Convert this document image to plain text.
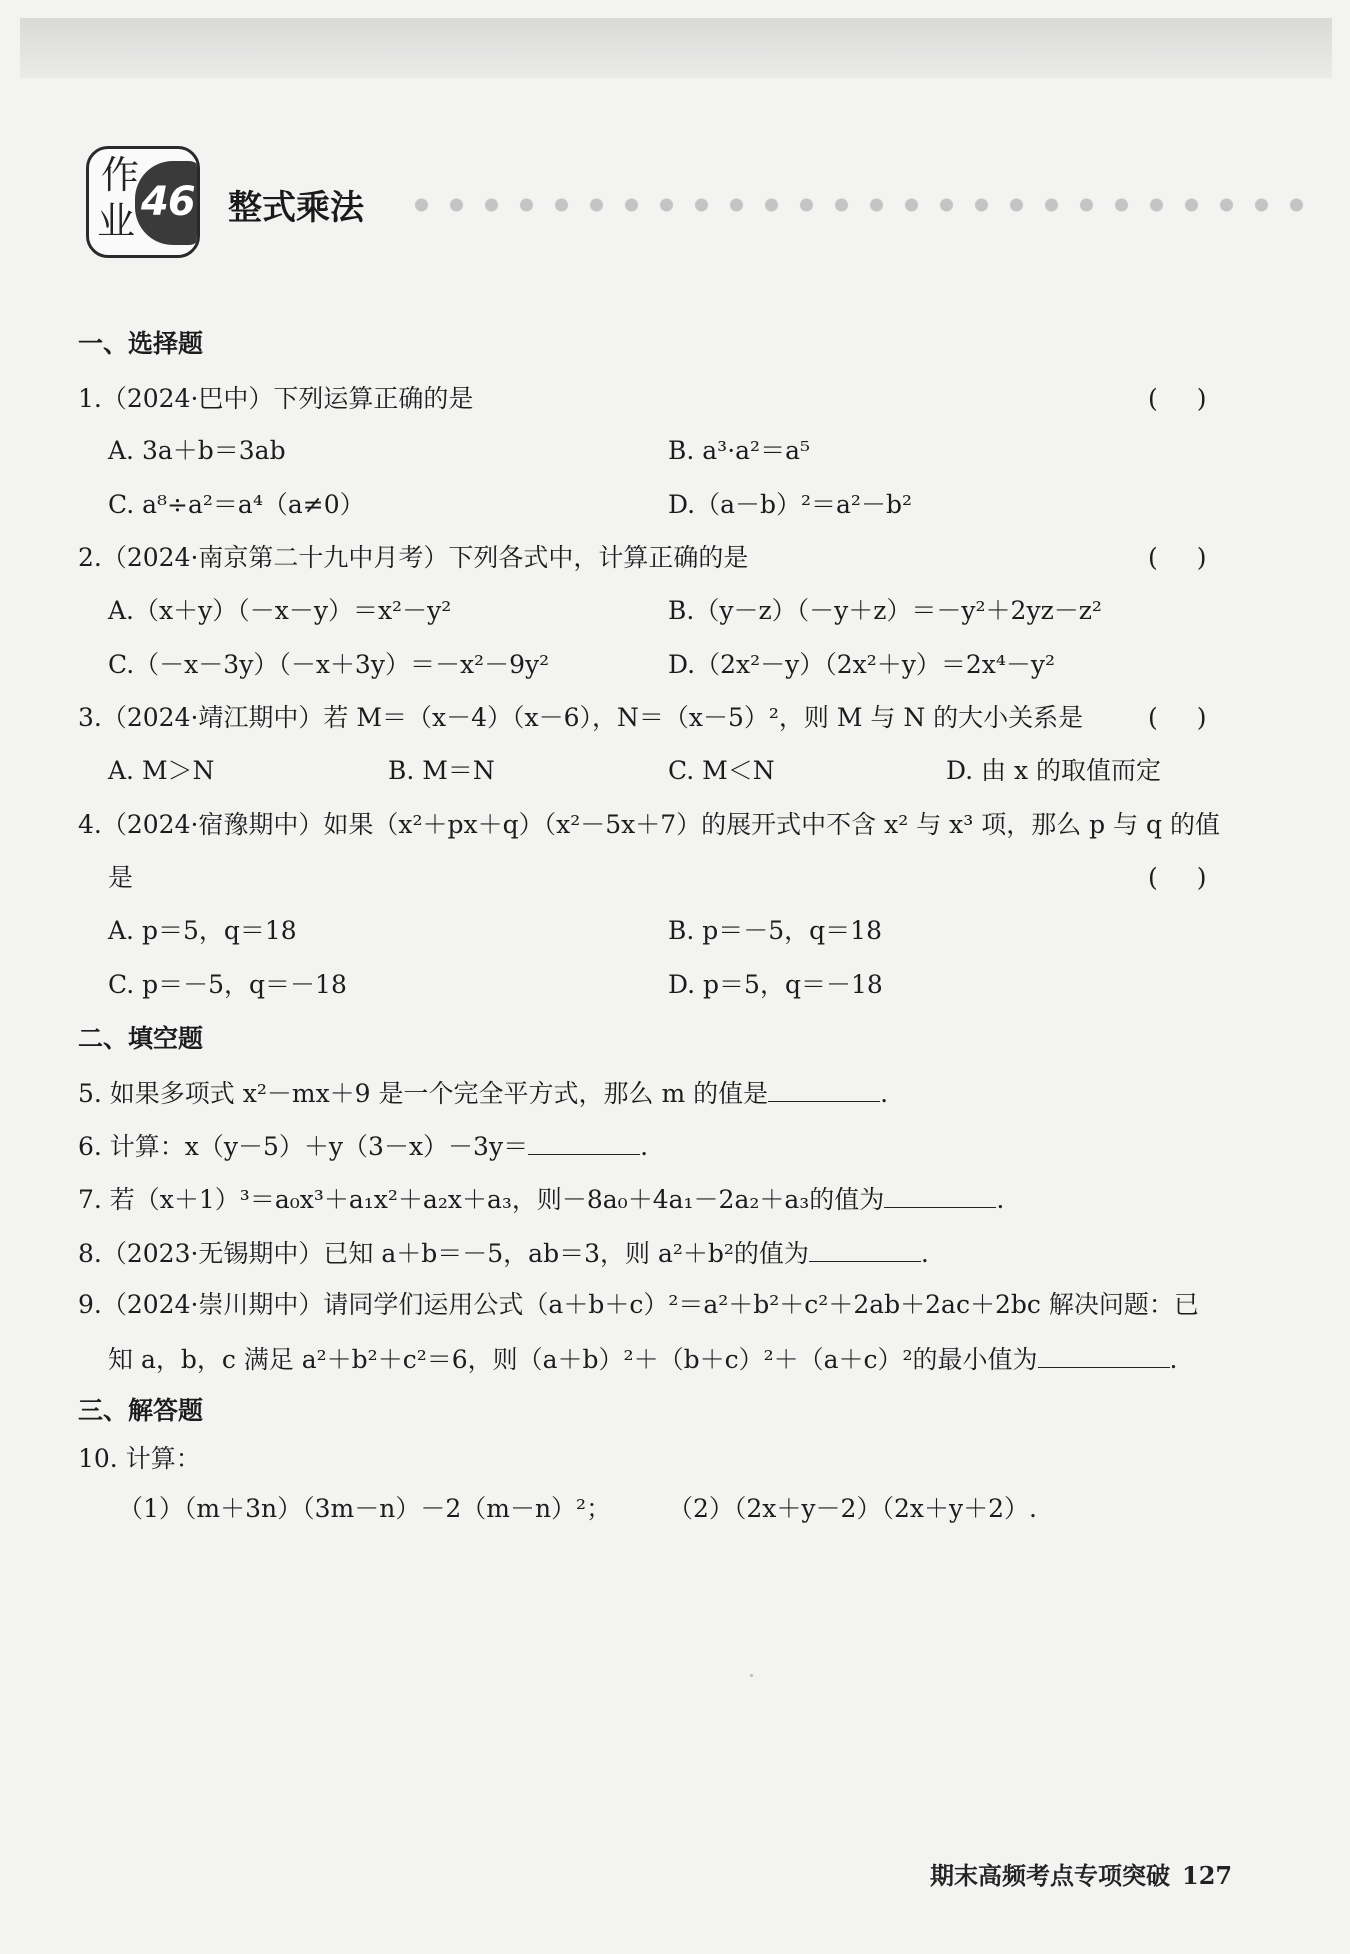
作
业 46 整式乘法
一、选择题
1.（2024·巴中）下列运算正确的是	(　 )
A. 3a＋b＝3ab	B. a³·a²＝a⁵
C. a⁸÷a²＝a⁴（a≠0）	D.（a－b）²＝a²－b²
2.（2024·南京第二十九中月考）下列各式中，计算正确的是	(　 )
A.（x＋y）（－x－y）＝x²－y²	B.（y－z）（－y＋z）＝－y²＋2yz－z²
C.（－x－3y）（－x＋3y）＝－x²－9y²	D.（2x²－y）（2x²＋y）＝2x⁴－y²
3.（2024·靖江期中）若 M＝（x－4）（x－6），N＝（x－5）²，则 M 与 N 的大小关系是	(　 )
A. M＞N	B. M＝N	C. M＜N	D. 由 x 的取值而定
4.（2024·宿豫期中）如果（x²＋px＋q）（x²－5x＋7）的展开式中不含 x² 与 x³ 项，那么 p 与 q 的值
是	(　 )
A. p＝5，q＝18	B. p＝－5，q＝18
C. p＝－5，q＝－18	D. p＝5，q＝－18
二、填空题
5. 如果多项式 x²－mx＋9 是一个完全平方式，那么 m 的值是	.
6. 计算：x（y－5）＋y（3－x）－3y＝	.
7. 若（x＋1）³＝a₀x³＋a₁x²＋a₂x＋a₃，则－8a₀＋4a₁－2a₂＋a₃的值为	.
8.（2023·无锡期中）已知 a＋b＝－5，ab＝3，则 a²＋b²的值为	.
9.（2024·崇川期中）请同学们运用公式（a＋b＋c）²＝a²＋b²＋c²＋2ab＋2ac＋2bc 解决问题：已
知 a，b，c 满足 a²＋b²＋c²＝6，则（a＋b）²＋（b＋c）²＋（a＋c）²的最小值为	.
三、解答题
10. 计算：
（1）（m＋3n）（3m－n）－2（m－n）²； （2）（2x＋y－2）（2x＋y＋2）.
期末高频考点专项突破 127
